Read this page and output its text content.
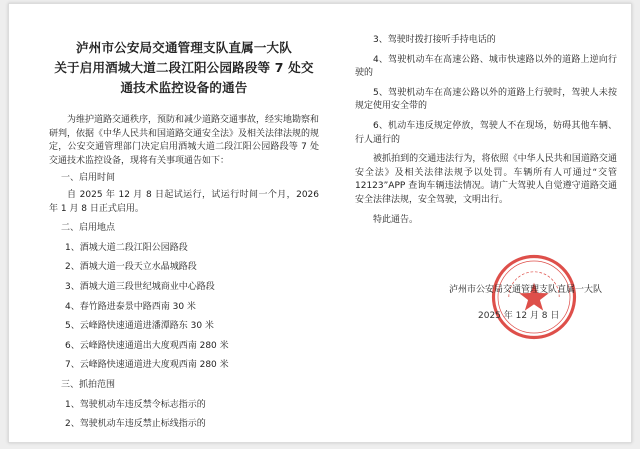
泸州市公安局交通管理支队直属一大队
关于启用酒城大道二段江阳公园路段等 7 处交
通技术监控设备的通告

为维护道路交通秩序，预防和减少道路交通事故，经实地勘察和研判，依据《中华人民共和国道路交通安全法》及相关法律法规的规定，公安交通管理部门决定启用酒城大道二段江阳公园路段等 7 处交通技术监控设备，现将有关事项通告如下：

一、启用时间

自 2025 年 12 月 8 日起试运行，试运行时间一个月，2026 年 1 月 8 日正式启用。

二、启用地点
1、酒城大道二段江阳公园路段
2、酒城大道一段天立水晶城路段
3、酒城大道三段世纪城商业中心路段
4、春竹路进泰景中路西南 30 米
5、云峰路快速通道进潘潭路东 30 米
6、云峰路快速通道出大度观西南 280 米
7、云峰路快速通道进大度观西南 280 米
三、抓拍范围
1、驾驶机动车违反禁令标志指示的
2、驾驶机动车违反禁止标线指示的
3、驾驶时拨打接听手持电话的
4、驾驶机动车在高速公路、城市快速路以外的道路上逆向行驶的
5、驾驶机动车在高速公路以外的道路上行驶时，驾驶人未按规定使用安全带的
6、机动车违反规定停放，驾驶人不在现场，妨碍其他车辆、行人通行的
被抓拍到的交通违法行为，将依照《中华人民共和国道路交通安全法》及相关法律法规予以处罚。车辆所有人可通过“交管12123”APP 查询车辆违法情况。请广大驾驶人自觉遵守道路交通安全法律法规，安全驾驶，文明出行。
特此通告。
泸州市公安局交通管理支队直属一大队
2025 年 12 月 8 日
